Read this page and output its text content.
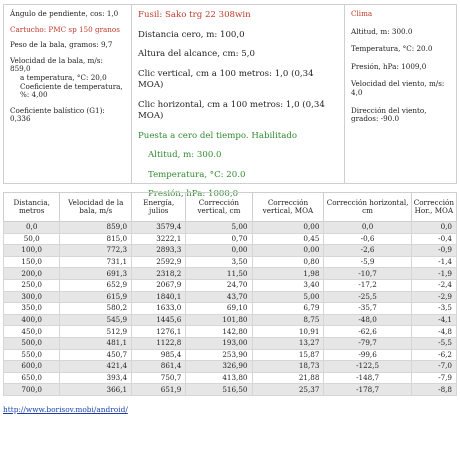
Ángulo de pendiente, cos: 1,0
Cartucho: PMC sp 150 granos
Peso de la bala, gramos: 9,7
Velocidad de la bala, m/s: 859,0
a temperatura, °C: 20,0
Coeficiente de temperatura, %: 4,00
Coeficiente balístico (G1): 0,336
Fusil: Sako trg 22 308win
Distancia cero, m: 100,0
Altura del alcance, cm: 5,0
Clic vertical, cm a 100 metros: 1,0 (0,34 MOA)
Clic horizontal, cm a 100 metros: 1,0 (0,34 MOA)
Puesta a cero del tiempo. Habilitado
Altitud, m: 300.0
Temperatura, °C: 20.0
Presión, hPa: 1000,0
Clima
Altitud, m: 300.0
Temperatura, °C: 20.0
Presión, hPa: 1009,0
Velocidad del viento, m/s: 4,0
Dirección del viento, grados: -90.0
Distancia, metros	Velocidad de la bala, m/s	Energía, julios	Corrección vertical, cm	Corrección vertical, MOA	Corrección horizontal, cm	Corrección Hor., MOA
0,0	859,0	3579,4	5,00	0,00	0,0	0,0
50,0	815,0	3222,1	0,70	0,45	-0,6	-0,4
100,0	772,3	2893,3	0,00	0,00	-2,6	-0,9
150,0	731,1	2592,9	3,50	0,80	-5,9	-1,4
200,0	691,3	2318,2	11,50	1,98	-10,7	-1,9
250,0	652,9	2067,9	24,70	3,40	-17,2	-2,4
300,0	615,9	1840,1	43,70	5,00	-25,5	-2,9
350,0	580,2	1633,0	69,10	6,79	-35,7	-3,5
400,0	545,9	1445,6	101,80	8,75	-48,0	-4,1
450,0	512,9	1276,1	142,80	10,91	-62,6	-4,8
500,0	481,1	1122,8	193,00	13,27	-79,7	-5,5
550,0	450,7	985,4	253,90	15,87	-99,6	-6,2
600,0	421,4	861,4	326,90	18,73	-122,5	-7,0
650,0	393,4	750,7	413,80	21,88	-148,7	-7,9
700,0	366,1	651,9	516,50	25,37	-178,7	-8,8
http://www.borisov.mobi/android/
